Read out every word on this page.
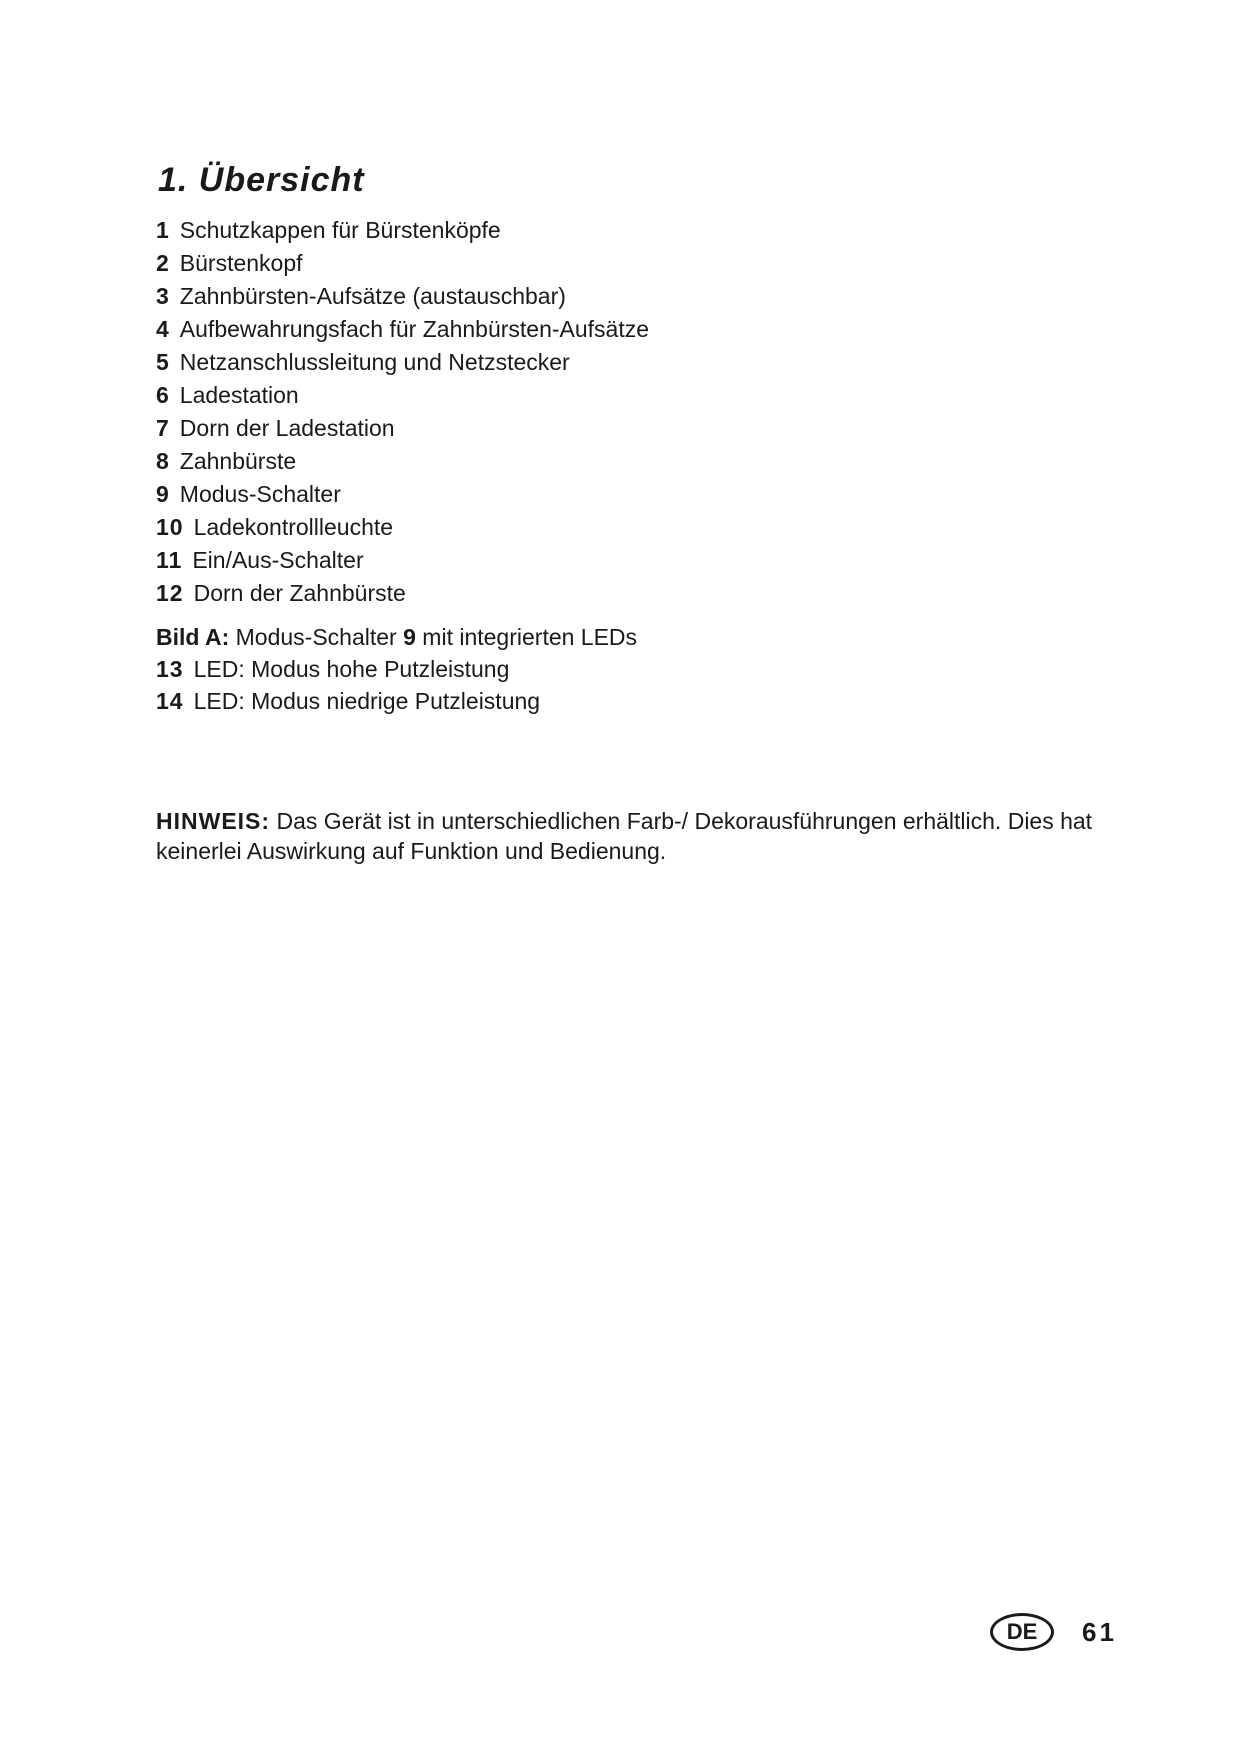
1. Übersicht
1 Schutzkappen für Bürstenköpfe
2 Bürstenkopf
3 Zahnbürsten-Aufsätze (austauschbar)
4 Aufbewahrungsfach für Zahnbürsten-Aufsätze
5 Netzanschlussleitung und Netzstecker
6 Ladestation
7 Dorn der Ladestation
8 Zahnbürste
9 Modus-Schalter
10 Ladekontrollleuchte
11 Ein/Aus-Schalter
12 Dorn der Zahnbürste
Bild A: Modus-Schalter 9 mit integrierten LEDs
13 LED: Modus hohe Putzleistung
14 LED: Modus niedrige Putzleistung

HINWEIS: Das Gerät ist in unterschiedlichen Farb-/ Dekorausführungen erhältlich. Dies hat keinerlei Auswirkung auf Funktion und Bedienung.

DE	61
